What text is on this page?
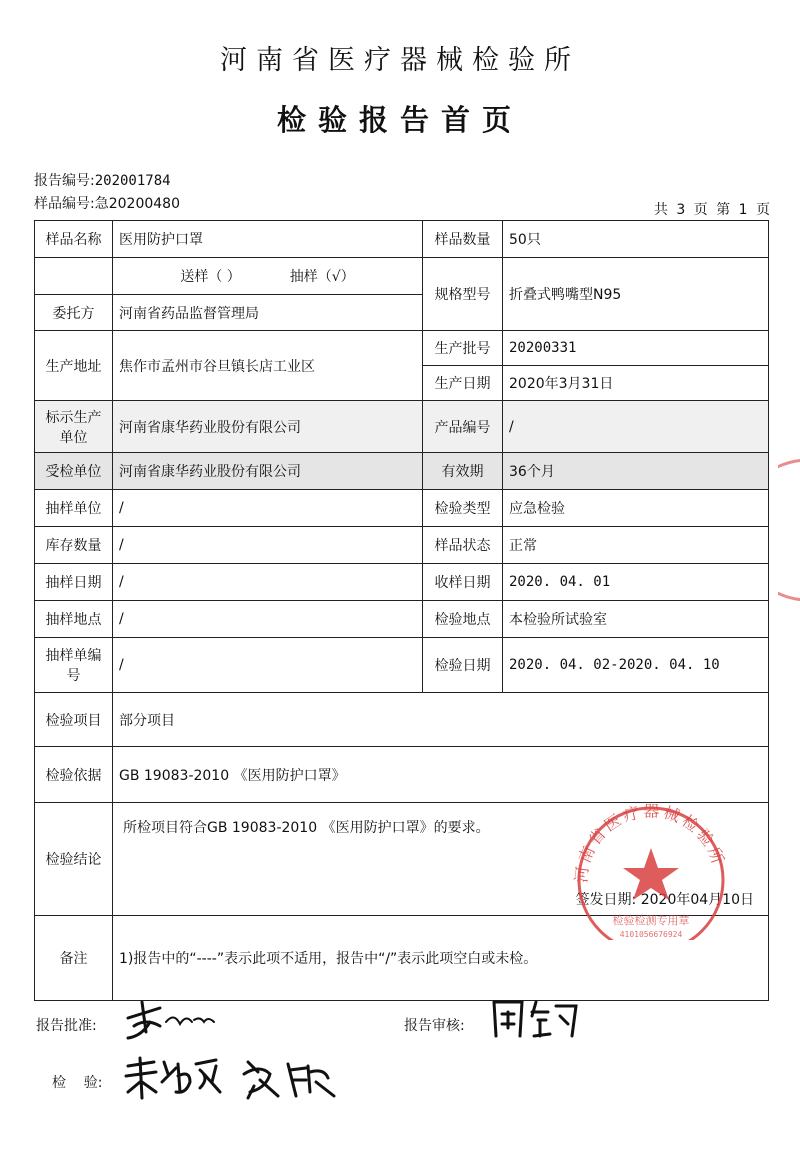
河南省医疗器械检验所
检验报告首页
报告编号:202001784
样品编号:急20200480	共 3 页 第 1 页
样品名称	医用防护口罩	样品数量	50只
	送样（ ） 抽样（√）	规格型号	折叠式鸭嘴型N95
委托方	河南省药品监督管理局		
生产地址	焦作市孟州市谷旦镇长店工业区	生产批号	20200331
		生产日期	2020年3月31日
标示生产单位	河南省康华药业股份有限公司	产品编号	/
受检单位	河南省康华药业股份有限公司	有效期	36个月
抽样单位	/	检验类型	应急检验
库存数量	/	样品状态	正常
抽样日期	/	收样日期	2020. 04. 01
抽样地点	/	检验地点	本检验所试验室
抽样单编号	/	检验日期	2020. 04. 02-2020. 04. 10
检验项目	部分项目		
检验依据	GB 19083-2010 《医用防护口罩》		
检验结论	所检项目符合GB 19083-2010 《医用防护口罩》的要求。
签发日期: 2020年04月10日		

备注	1)报告中的“----”表示此项不适用，报告中“/”表示此项空白或未检。		
河南省医疗器械检验所
检验检测专用章
4101056676924
报告批准:	报告审核:
检    验:
